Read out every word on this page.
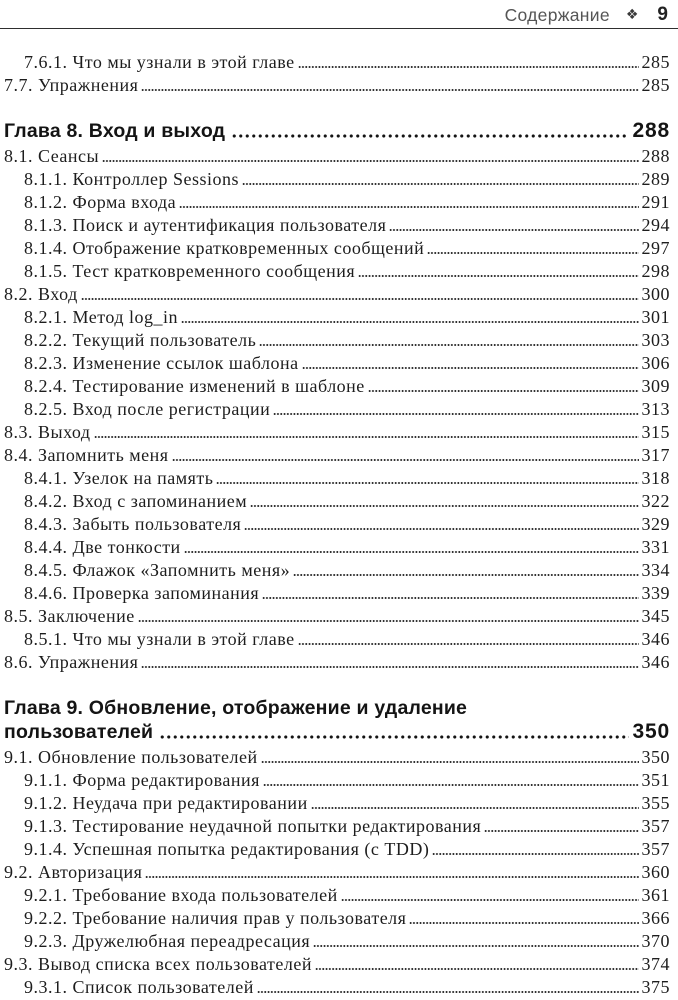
Содержание ❖ 9
7.6.1. Что мы узнали в этой главе	285
7.7. Упражнения	285
Глава 8. Вход и выход	288
8.1. Сеансы	288
8.1.1. Контроллер Sessions	289
8.1.2. Форма входа	291
8.1.3. Поиск и аутентификация пользователя	294
8.1.4. Отображение кратковременных сообщений	297
8.1.5. Тест кратковременного сообщения	298
8.2. Вход	300
8.2.1. Метод log_in	301
8.2.2. Текущий пользователь	303
8.2.3. Изменение ссылок шаблона	306
8.2.4. Тестирование изменений в шаблоне	309
8.2.5. Вход после регистрации	313
8.3. Выход	315
8.4. Запомнить меня	317
8.4.1. Узелок на память	318
8.4.2. Вход с запоминанием	322
8.4.3. Забыть пользователя	329
8.4.4. Две тонкости	331
8.4.5. Флажок «Запомнить меня»	334
8.4.6. Проверка запоминания	339
8.5. Заключение	345
8.5.1. Что мы узнали в этой главе	346
8.6. Упражнения	346
Глава 9. Обновление, отображение и удаление
пользователей	350
9.1. Обновление пользователей	350
9.1.1. Форма редактирования	351
9.1.2. Неудача при редактировании	355
9.1.3. Тестирование неудачной попытки редактирования	357
9.1.4. Успешная попытка редактирования (с TDD)	357
9.2. Авторизация	360
9.2.1. Требование входа пользователей	361
9.2.2. Требование наличия прав у пользователя	366
9.2.3. Дружелюбная переадресация	370
9.3. Вывод списка всех пользователей	374
9.3.1. Список пользователей	375
